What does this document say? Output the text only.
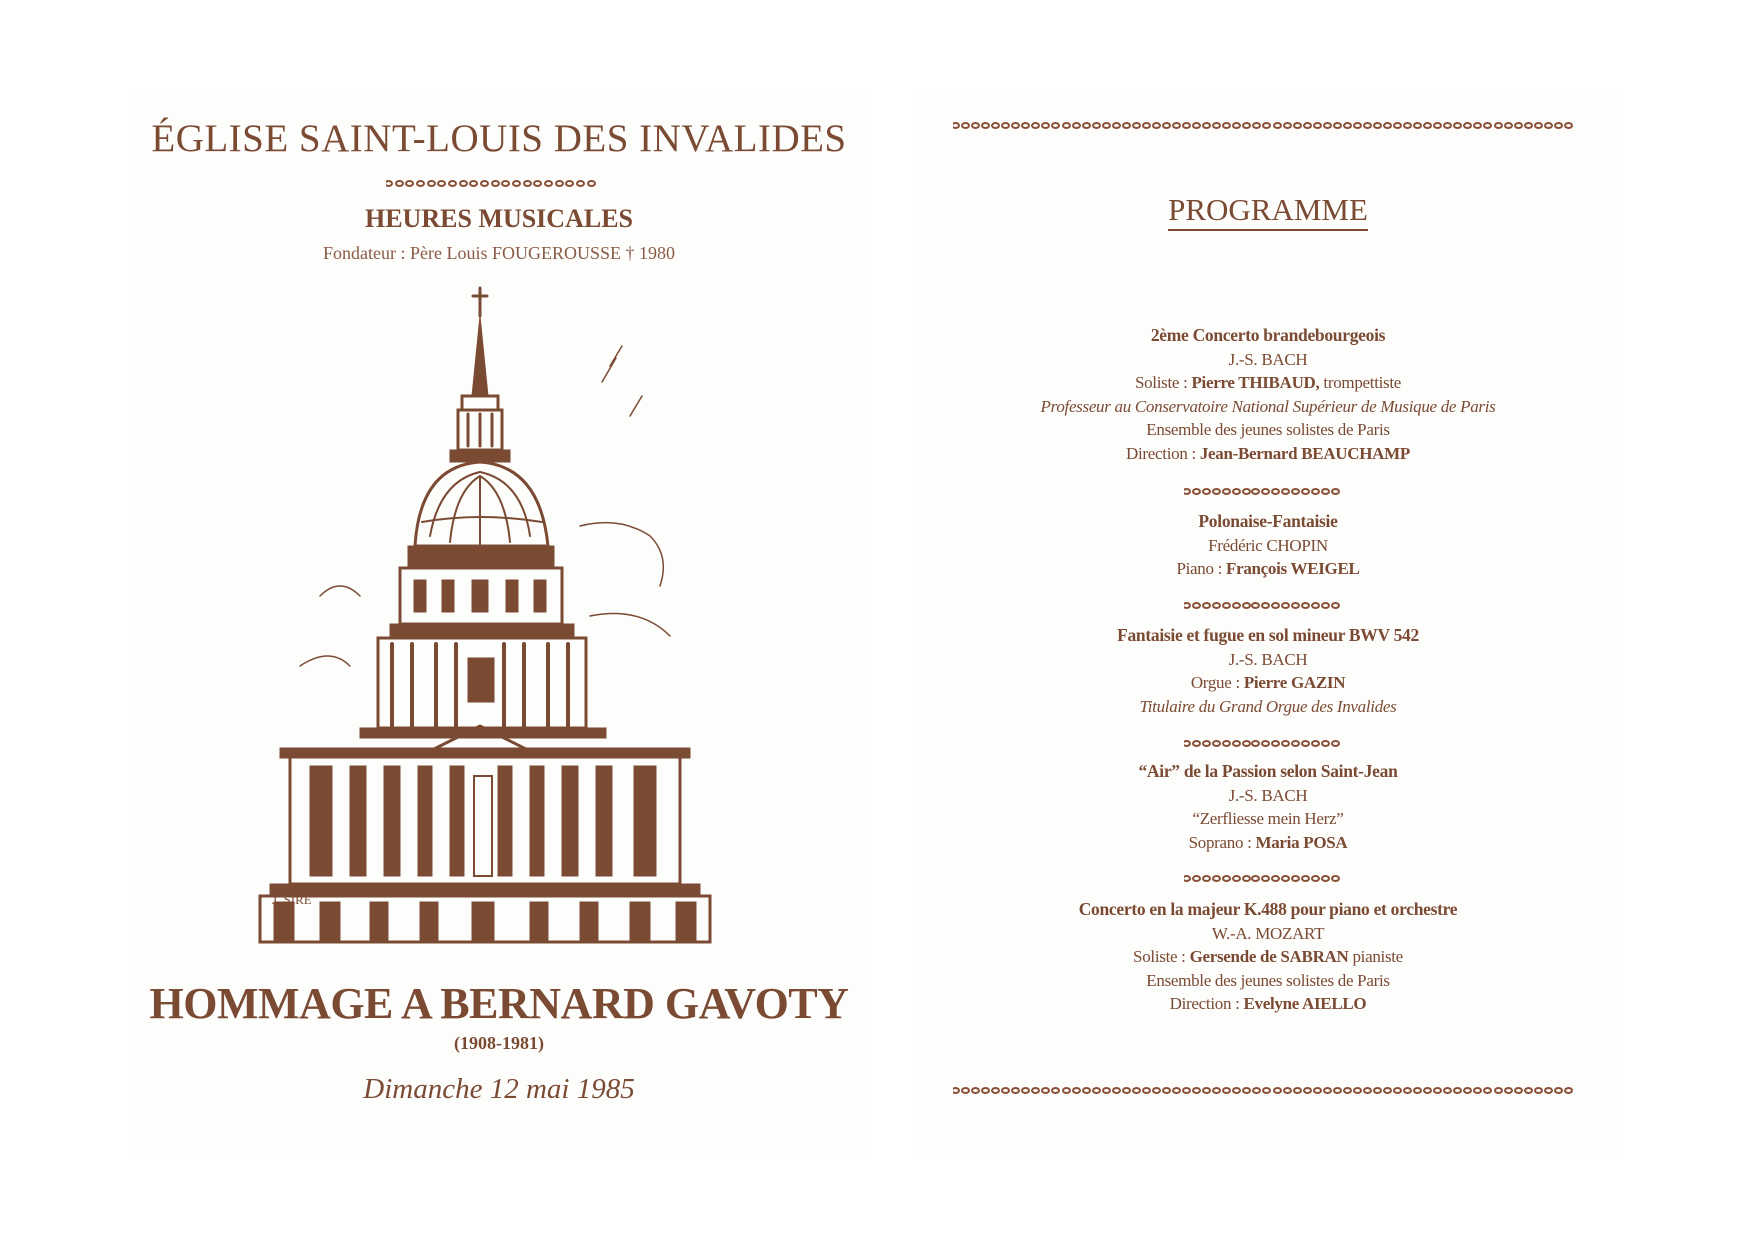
ÉGLISE SAINT-LOUIS DES INVALIDES
HEURES MUSICALES
Fondateur : Père Louis FOUGEROUSSE † 1980
J. SIRE
HOMMAGE A BERNARD GAVOTY
(1908-1981)
Dimanche 12 mai 1985
PROGRAMME
2ème Concerto brandebourgeois
J.-S. BACH
Soliste : Pierre THIBAUD, trompettiste
Professeur au Conservatoire National Supérieur de Musique de Paris
Ensemble des jeunes solistes de Paris
Direction : Jean-Bernard BEAUCHAMP
Polonaise-Fantaisie
Frédéric CHOPIN
Piano : François WEIGEL
Fantaisie et fugue en sol mineur BWV 542
J.-S. BACH
Orgue : Pierre GAZIN
Titulaire du Grand Orgue des Invalides
“Air” de la Passion selon Saint-Jean
J.-S. BACH
“Zerfliesse mein Herz”
Soprano : Maria POSA
Concerto en la majeur K.488 pour piano et orchestre
W.-A. MOZART
Soliste : Gersende de SABRAN pianiste
Ensemble des jeunes solistes de Paris
Direction : Evelyne AIELLO
